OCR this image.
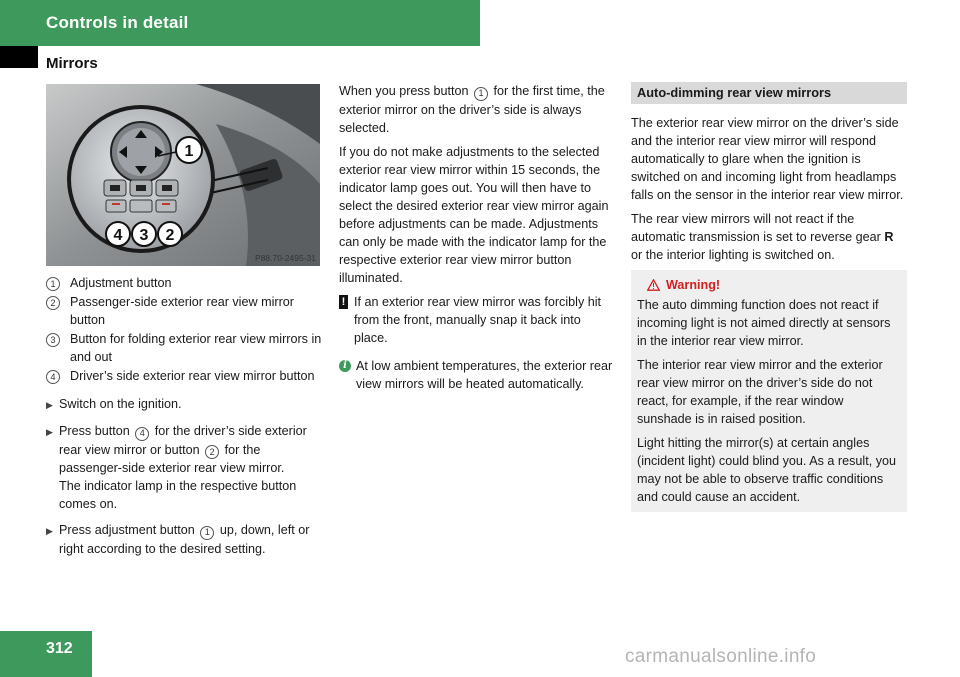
Controls in detail
Mirrors
1
4 3 2
P88.70-2495-31
1	Adjustment button
2	Passenger-side exterior rear view mirror button
3	Button for folding exterior rear view mirrors in and out
4	Driver’s side exterior rear view mirror button
▶ Switch on the ignition.
▶ Press button 4 for the driver’s side exterior rear view mirror or button 2 for the passenger-side exterior rear view mirror.
The indicator lamp in the respective button comes on.
▶ Press adjustment button 1 up, down, left or right according to the desired setting.

When you press button 1 for the first time, the exterior mirror on the driver’s side is always selected.

If you do not make adjustments to the selected exterior rear view mirror within 15 seconds, the indicator lamp goes out. You will then have to select the desired exterior rear view mirror again before adjustments can be made. Adjustments can only be made with the indicator lamp for the respective exterior rear view mirror button illuminated.

! If an exterior rear view mirror was forcibly hit from the front, manually snap it back into place.
i At low ambient temperatures, the exterior rear view mirrors will be heated automatically.
Auto-dimming rear view mirrors

The exterior rear view mirror on the driver’s side and the interior rear view mirror will respond automatically to glare when the ignition is switched on and incoming light from headlamps falls on the sensor in the interior rear view mirror.

The rear view mirrors will not react if the automatic transmission is set to reverse gear R or the interior lighting is switched on.

Warning!

The auto dimming function does not react if incoming light is not aimed directly at sensors in the interior rear view mirror.

The interior rear view mirror and the exterior rear view mirror on the driver’s side do not react, for example, if the rear window sunshade is in raised position.

Light hitting the mirror(s) at certain angles (incident light) could blind you. As a result, you may not be able to observe traffic conditions and could cause an accident.

312	carmanualsonline.info
